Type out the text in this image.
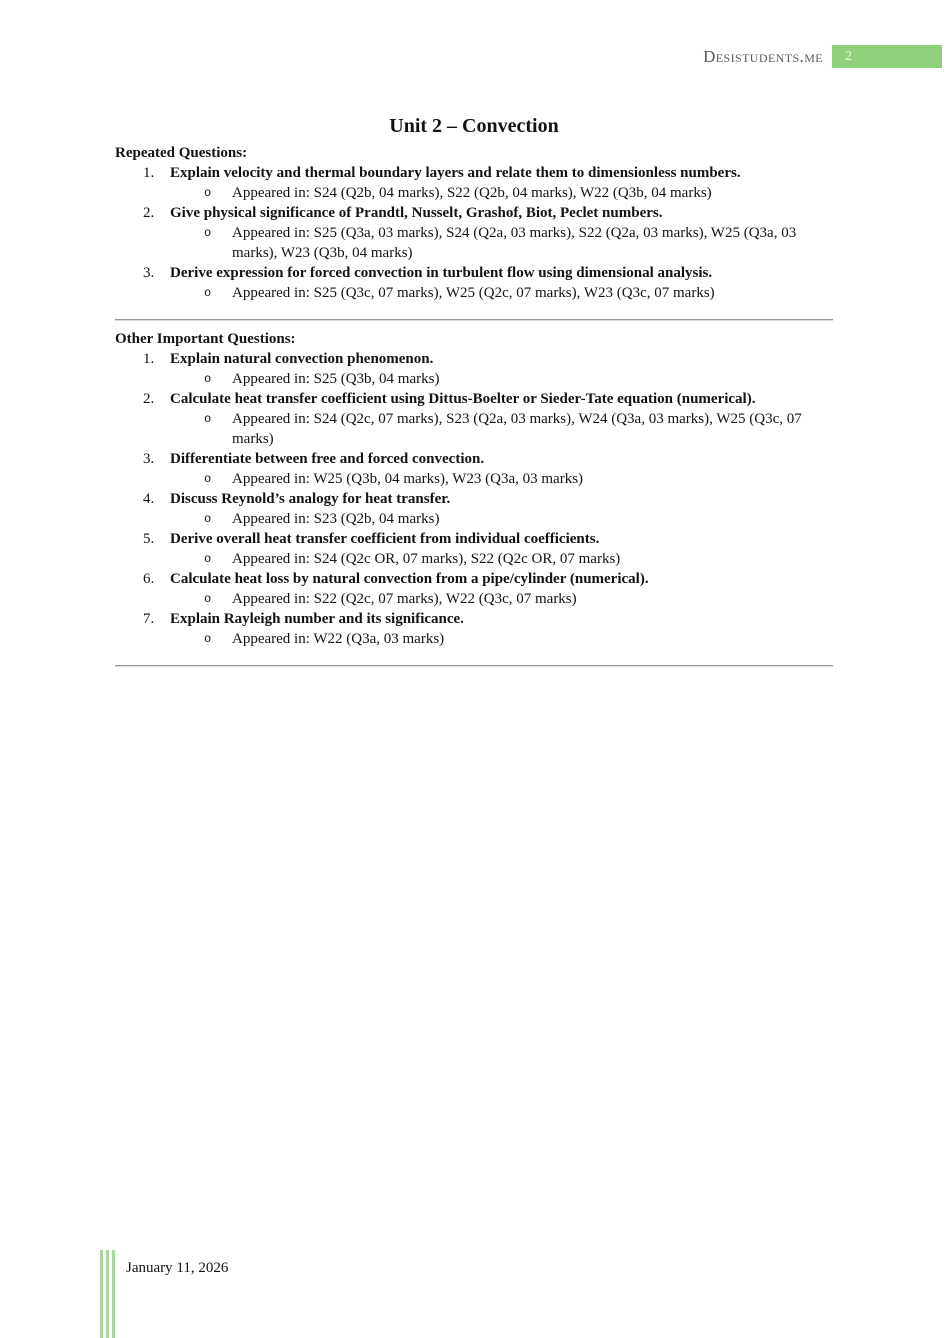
Desistudents.me	2
Unit 2 – Convection
Repeated Questions:
1.	Explain velocity and thermal boundary layers and relate them to dimensionless numbers.
o	Appeared in: S24 (Q2b, 04 marks), S22 (Q2b, 04 marks), W22 (Q3b, 04 marks)
2.	Give physical significance of Prandtl, Nusselt, Grashof, Biot, Peclet numbers.
o	Appeared in: S25 (Q3a, 03 marks), S24 (Q2a, 03 marks), S22 (Q2a, 03 marks), W25 (Q3a, 03 marks), W23 (Q3b, 04 marks)
3.	Derive expression for forced convection in turbulent flow using dimensional analysis.
o	Appeared in: S25 (Q3c, 07 marks), W25 (Q2c, 07 marks), W23 (Q3c, 07 marks)
Other Important Questions:
1.	Explain natural convection phenomenon.
o	Appeared in: S25 (Q3b, 04 marks)
2.	Calculate heat transfer coefficient using Dittus-Boelter or Sieder-Tate equation (numerical).
o	Appeared in: S24 (Q2c, 07 marks), S23 (Q2a, 03 marks), W24 (Q3a, 03 marks), W25 (Q3c, 07 marks)
3.	Differentiate between free and forced convection.
o	Appeared in: W25 (Q3b, 04 marks), W23 (Q3a, 03 marks)
4.	Discuss Reynold’s analogy for heat transfer.
o	Appeared in: S23 (Q2b, 04 marks)
5.	Derive overall heat transfer coefficient from individual coefficients.
o	Appeared in: S24 (Q2c OR, 07 marks), S22 (Q2c OR, 07 marks)
6.	Calculate heat loss by natural convection from a pipe/cylinder (numerical).
o	Appeared in: S22 (Q2c, 07 marks), W22 (Q3c, 07 marks)
7.	Explain Rayleigh number and its significance.
o	Appeared in: W22 (Q3a, 03 marks)
January 11, 2026
